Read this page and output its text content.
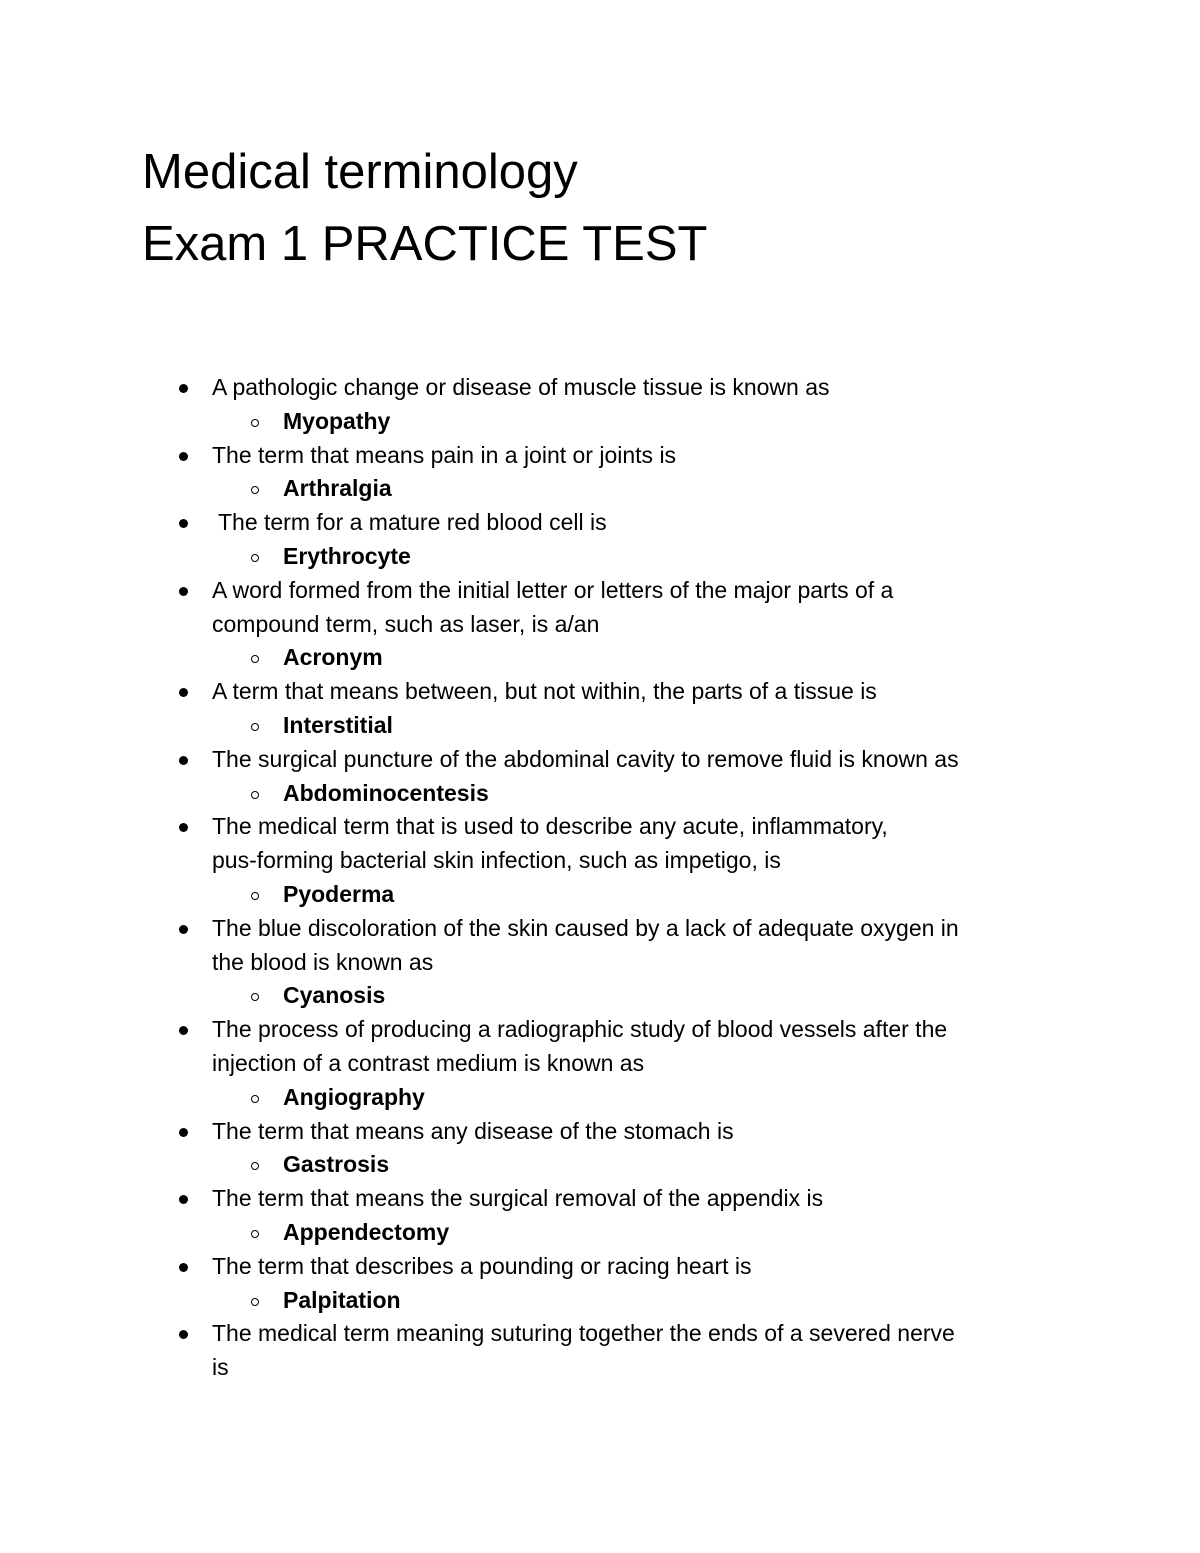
Medical terminology
Exam 1 PRACTICE TEST
A pathologic change or disease of muscle tissue is known as
Myopathy
The term that means pain in a joint or joints is
Arthralgia
The term for a mature red blood cell is
Erythrocyte
A word formed from the initial letter or letters of the major parts of a
compound term, such as laser, is a/an
Acronym
A term that means between, but not within, the parts of a tissue is
Interstitial
The surgical puncture of the abdominal cavity to remove fluid is known as
Abdominocentesis
The medical term that is used to describe any acute, inflammatory,
pus-forming bacterial skin infection, such as impetigo, is
Pyoderma
The blue discoloration of the skin caused by a lack of adequate oxygen in
the blood is known as
Cyanosis
The process of producing a radiographic study of blood vessels after the
injection of a contrast medium is known as
Angiography
The term that means any disease of the stomach is
Gastrosis
The term that means the surgical removal of the appendix is
Appendectomy
The term that describes a pounding or racing heart is
Palpitation
The medical term meaning suturing together the ends of a severed nerve
is
